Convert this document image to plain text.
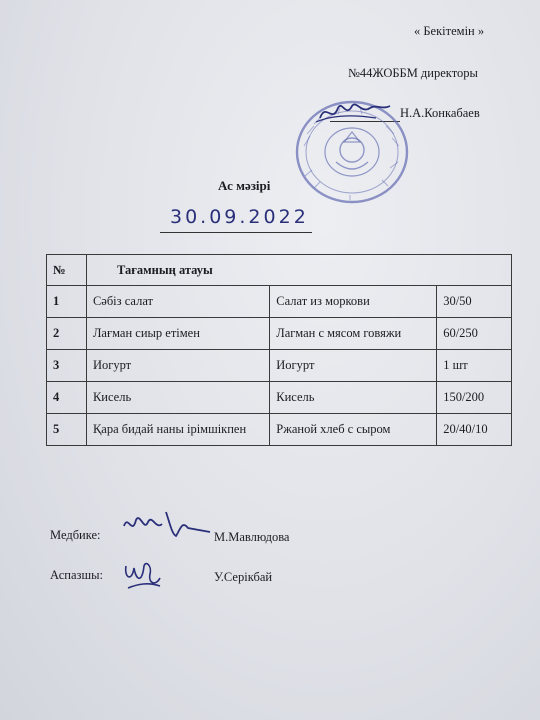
« Бекітемін »
№44ЖОББМ директоры
Н.А.Конкабаев
Ас мәзірі
30.09.2022
№	Тағамның атауы		
1	Сәбіз салат	Салат из моркови	30/50
2	Лағман сиыр етімен	Лагман с мясом говяжи	60/250
3	Иогурт	Иогурт	1 шт
4	Кисель	Кисель	150/200
5	Қара бидай наны ірімшікпен	Ржаной хлеб с сыром	20/40/10
Медбике:	М.Мавлюдова
Аспазшы:	У.Серікбай
